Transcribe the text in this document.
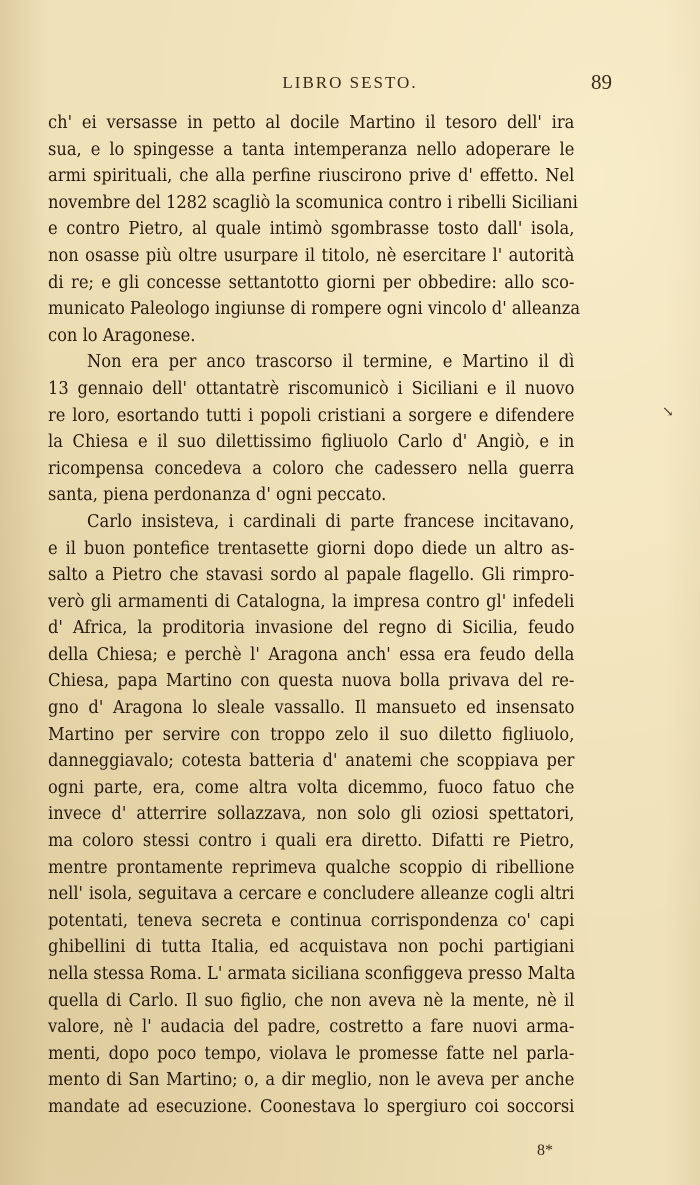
LIBRO SESTO.	89

ch' ei versasse in petto al docile Martino il tesoro dell' ira

sua, e lo spingesse a tanta intemperanza nello adoperare le

armi spirituali, che alla perfine riuscirono prive d' effetto. Nel

novembre del 1282 scagliò la scomunica contro i ribelli Siciliani

e contro Pietro, al quale intimò sgombrasse tosto dall' isola,

non osasse più oltre usurpare il titolo, nè esercitare l' autorità

di re; e gli concesse settantotto giorni per obbedire: allo sco-

municato Paleologo ingiunse di rompere ogni vincolo d' alleanza

con lo Aragonese.

Non era per anco trascorso il termine, e Martino il dì

13 gennaio dell' ottantatrè riscomunicò i Siciliani e il nuovo

re loro, esortando tutti i popoli cristiani a sorgere e difendere

la Chiesa e il suo dilettissimo figliuolo Carlo d' Angiò, e in

ricompensa concedeva a coloro che cadessero nella guerra

santa, piena perdonanza d' ogni peccato.

Carlo insisteva, i cardinali di parte francese incitavano,

e il buon pontefice trentasette giorni dopo diede un altro as-

salto a Pietro che stavasi sordo al papale flagello. Gli rimpro-

verò gli armamenti di Catalogna, la impresa contro gl' infedeli

d' Africa, la proditoria invasione del regno di Sicilia, feudo

della Chiesa; e perchè l' Aragona anch' essa era feudo della

Chiesa, papa Martino con questa nuova bolla privava del re-

gno d' Aragona lo sleale vassallo. Il mansueto ed insensato

Martino per servire con troppo zelo il suo diletto figliuolo,

danneggiavalo; cotesta batteria d' anatemi che scoppiava per

ogni parte, era, come altra volta dicemmo, fuoco fatuo che

invece d' atterrire sollazzava, non solo gli oziosi spettatori,

ma coloro stessi contro i quali era diretto. Difatti re Pietro,

mentre prontamente reprimeva qualche scoppio di ribellione

nell' isola, seguitava a cercare e concludere alleanze cogli altri

potentati, teneva secreta e continua corrispondenza co' capi

ghibellini di tutta Italia, ed acquistava non pochi partigiani

nella stessa Roma. L' armata siciliana sconfiggeva presso Malta

quella di Carlo. Il suo figlio, che non aveva nè la mente, nè il

valore, nè l' audacia del padre, costretto a fare nuovi arma-

menti, dopo poco tempo, violava le promesse fatte nel parla-

mento di San Martino; o, a dir meglio, non le aveva per anche

mandate ad esecuzione. Coonestava lo spergiuro coi soccorsi

↘
8*
